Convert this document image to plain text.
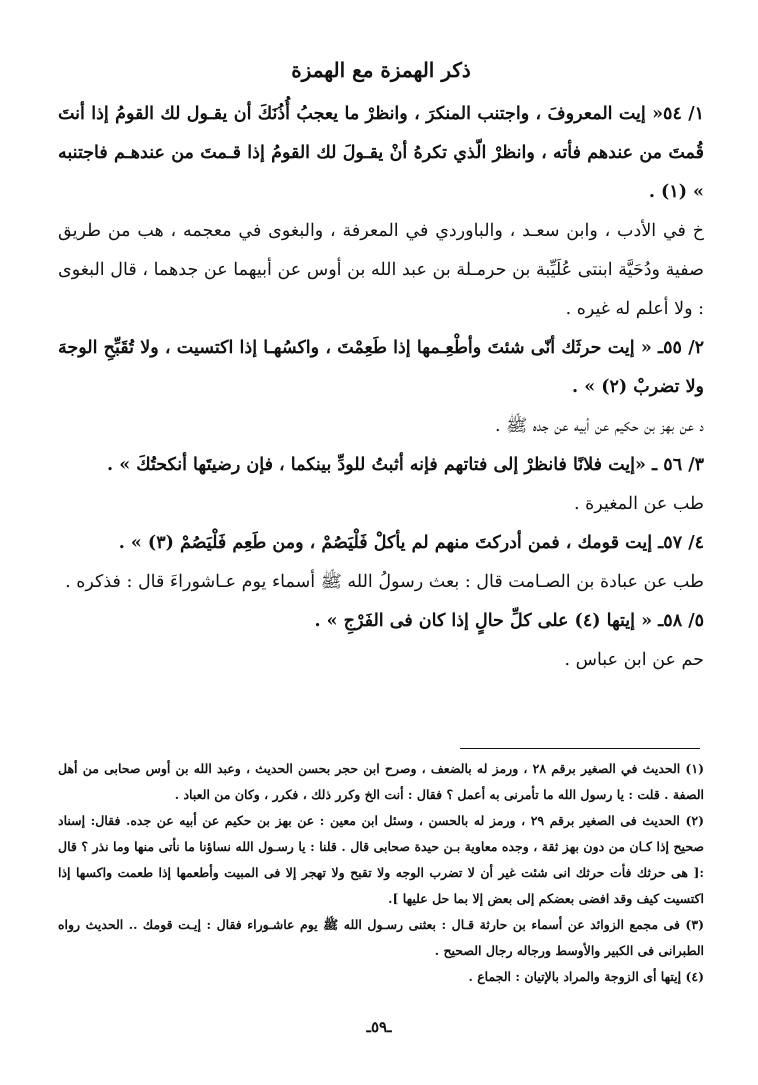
ذكر الهمزة مع الهمزة

١/ ٥٤« إيت المعروفَ ، واجتنب المنكرَ ، وانظرْ ما يعجبُ أُذُنَكَ أن يقـول لك القومُ إذا أنتَ قُمتَ من عندهم فأته ، وانظرْ الّذي تكرهُ أنْ يقـولَ لك القومُ إذا قـمتَ من عندهـم فاجتنبه » (١) .

خ في الأدب ، وابن سعـد ، والباوردي في المعرفة ، والبغوى في معجمه ، هب من طريق صفية ودُحَيَّة ابنتى عُلَيِّبة بن حرمـلة بن عبد الله بن أوس عن أبيهما عن جدهما ، قال البغوى : ولا أعلم له غيره .

٢/ ٥٥ـ « إيت حرثَك أنّى شئتَ وأطْعِـمها إذا طَعِمْتَ ، واكسُهـا إذا اكتسيت ، ولا تُقَبِّحِ الوجهَ ولا تضربْ (٢) » .

د عن بهز بن حكيم عن أبيه عن جده ﷺ .

٣/ ٥٦ ـ «إيت فلانًا فانظرْ إلى فتاتهم فإنه أثبتُ للودِّ بينكما ، فإن رضيتَها أنكحتُكَ » .

طب عن المغيرة .

٤/ ٥٧ـ إيت قومك ، فمن أدركتَ منهم لم يأكلْ فَلْيَصُمْ ، ومن طَعِم فَلْيَصُمْ (٣) » .

طب عن عبادة بن الصـامت قال : بعث رسولُ الله ﷺ أسماء يوم عـاشوراءَ قال : فذكره .

٥/ ٥٨ـ « إيتها (٤) على كلِّ حالٍ إذا كان فى الفَرْجِ » .

حم عن ابن عباس .

(١) الحديث في الصغير برقم ٢٨ ، ورمز له بالضعف ، وصرح ابن حجر بحسن الحديث ، وعبد الله بن أوس صحابى من أهل الصفة . قلت : يا رسول الله ما تأمرنى به أعمل ؟ فقال : أنت الخ وكرر ذلك ، فكرر ، وكان من العباد .

(٢) الحديث فى الصغير برقم ٢٩ ، ورمز له بالحسن ، وسئل ابن معين : عن بهز بن حكيم عن أبيه عن جده. فقال: إسناد صحيح إذا كـان من دون بهز ثقة ، وجده معاوية بـن حيدة صحابى قال . قلنا : يا رسـول الله نساؤنا ما نأتى منها وما نذر ؟ قال :[ هى حرثك فأت حرثك انى شئت غير أن لا تضرب الوجه ولا تقبح ولا تهجر إلا فى المبيت وأطعمها إذا طعمت واكسها إذا اكتسيت كيف وقد افضى بعضكم إلى بعض إلا بما حل عليها ].

(٣) فى مجمع الزوائد عن أسماء بن حارثة قـال : بعثنى رسـول الله ﷺ يوم عاشـوراء فقال : إيـت قومك .. الحديث رواه الطبرانى فى الكبير والأوسط ورجاله رجال الصحيح .

(٤) إيتها أى الزوجة والمراد بالإتيان : الجماع .

ـ٥٩ـ
